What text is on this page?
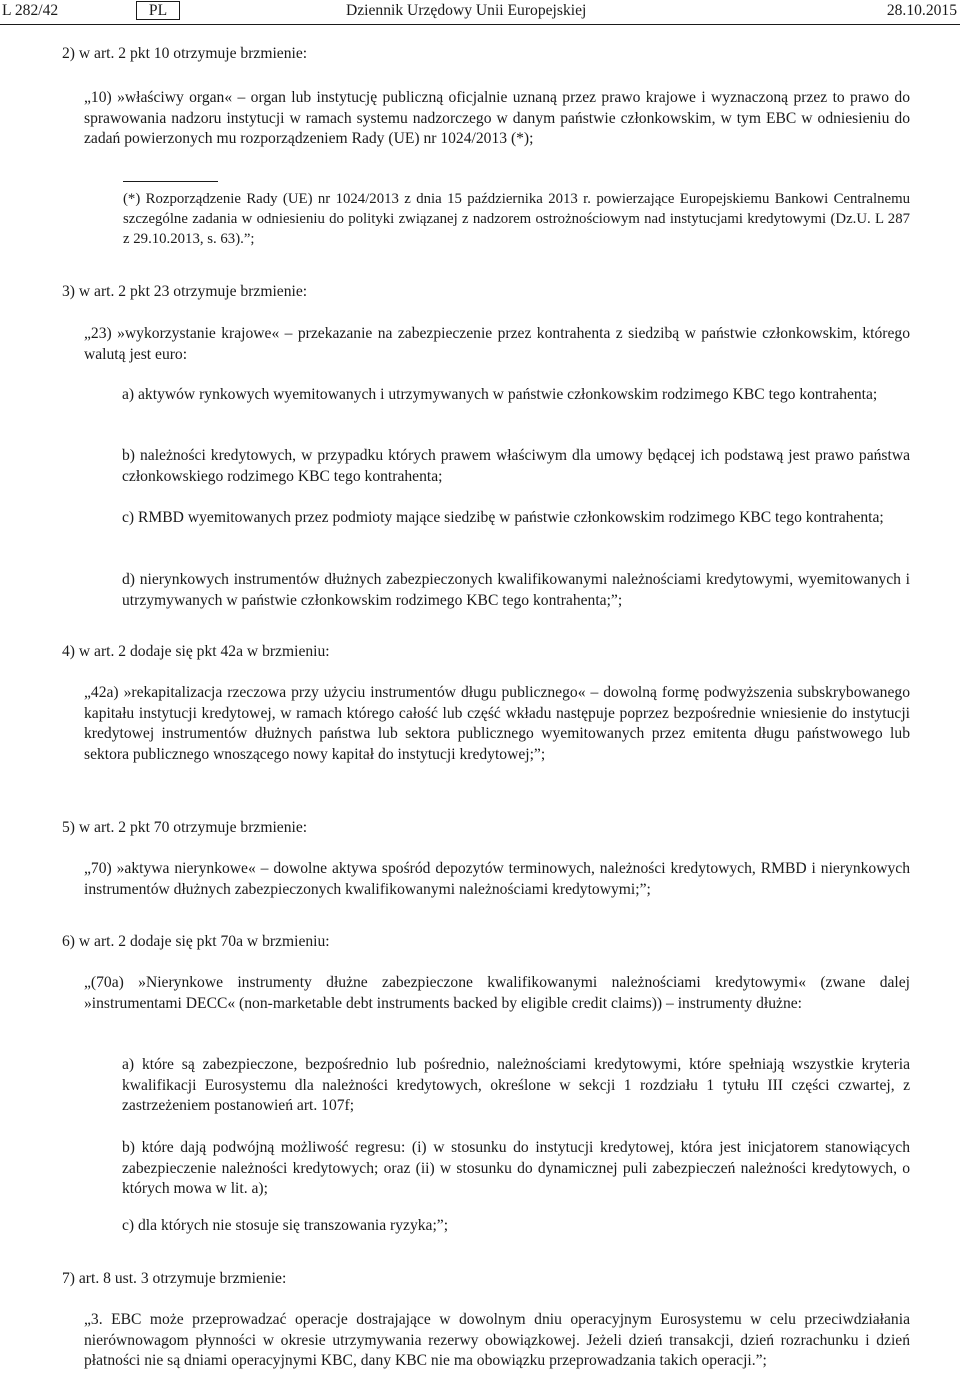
L 282/42	PL	Dziennik Urzędowy Unii Europejskiej	28.10.2015
2) w art. 2 pkt 10 otrzymuje brzmienie:
„10) »właściwy organ« – organ lub instytucję publiczną oficjalnie uznaną przez prawo krajowe i wyznaczoną przez to prawo do sprawowania nadzoru instytucji w ramach systemu nadzorczego w danym państwie członkowskim, w tym EBC w odniesieniu do zadań powierzonych mu rozporządzeniem Rady (UE) nr 1024/2013 (*);
(*) Rozporządzenie Rady (UE) nr 1024/2013 z dnia 15 października 2013 r. powierzające Europejskiemu Bankowi Centralnemu szczególne zadania w odniesieniu do polityki związanej z nadzorem ostrożnościowym nad instytucjami kredytowymi (Dz.U. L 287 z 29.10.2013, s. 63).”;
3) w art. 2 pkt 23 otrzymuje brzmienie:
„23) »wykorzystanie krajowe« – przekazanie na zabezpieczenie przez kontrahenta z siedzibą w państwie członkowskim, którego walutą jest euro:
a) aktywów rynkowych wyemitowanych i utrzymywanych w państwie członkowskim rodzimego KBC tego kontrahenta;
b) należności kredytowych, w przypadku których prawem właściwym dla umowy będącej ich podstawą jest prawo państwa członkowskiego rodzimego KBC tego kontrahenta;
c) RMBD wyemitowanych przez podmioty mające siedzibę w państwie członkowskim rodzimego KBC tego kontrahenta;
d) nierynkowych instrumentów dłużnych zabezpieczonych kwalifikowanymi należnościami kredytowymi, wyemitowanych i utrzymywanych w państwie członkowskim rodzimego KBC tego kontrahenta;”;
4) w art. 2 dodaje się pkt 42a w brzmieniu:
„42a) »rekapitalizacja rzeczowa przy użyciu instrumentów długu publicznego« – dowolną formę podwyższenia subskrybowanego kapitału instytucji kredytowej, w ramach którego całość lub część wkładu następuje poprzez bezpośrednie wniesienie do instytucji kredytowej instrumentów dłużnych państwa lub sektora publicznego wyemitowanych przez emitenta długu państwowego lub sektora publicznego wnoszącego nowy kapitał do instytucji kredytowej;”;
5) w art. 2 pkt 70 otrzymuje brzmienie:
„70) »aktywa nierynkowe« – dowolne aktywa spośród depozytów terminowych, należności kredytowych, RMBD i nierynkowych instrumentów dłużnych zabezpieczonych kwalifikowanymi należnościami kredytowymi;”;
6) w art. 2 dodaje się pkt 70a w brzmieniu:
„(70a) »Nierynkowe instrumenty dłużne zabezpieczone kwalifikowanymi należnościami kredytowymi« (zwane dalej »instrumentami DECC« (non-marketable debt instruments backed by eligible credit claims)) – instrumenty dłużne:
a) które są zabezpieczone, bezpośrednio lub pośrednio, należnościami kredytowymi, które spełniają wszystkie kryteria kwalifikacji Eurosystemu dla należności kredytowych, określone w sekcji 1 rozdziału 1 tytułu III części czwartej, z zastrzeżeniem postanowień art. 107f;
b) które dają podwójną możliwość regresu: (i) w stosunku do instytucji kredytowej, która jest inicjatorem stanowiących zabezpieczenie należności kredytowych; oraz (ii) w stosunku do dynamicznej puli zabezpieczeń należności kredytowych, o których mowa w lit. a);
c) dla których nie stosuje się transzowania ryzyka;”;
7) art. 8 ust. 3 otrzymuje brzmienie:
„3. EBC może przeprowadzać operacje dostrajające w dowolnym dniu operacyjnym Eurosystemu w celu przeciwdziałania nierównowagom płynności w okresie utrzymywania rezerwy obowiązkowej. Jeżeli dzień transakcji, dzień rozrachunku i dzień płatności nie są dniami operacyjnymi KBC, dany KBC nie ma obowiązku przeprowadzania takich operacji.”;
